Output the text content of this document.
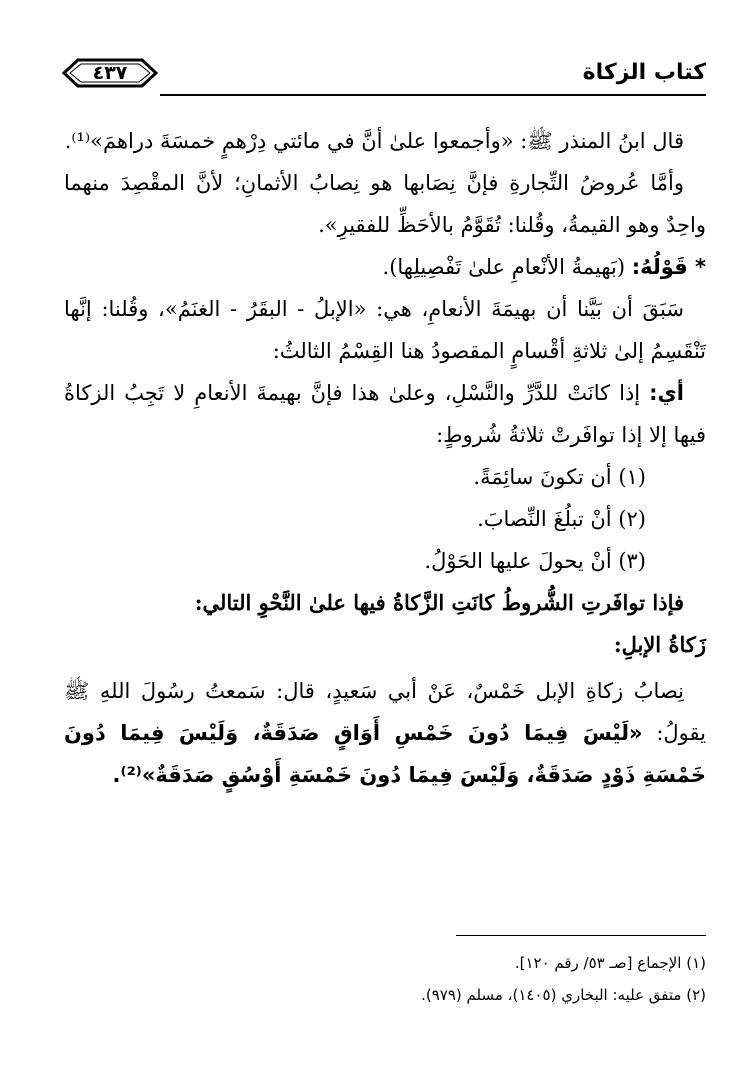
كتاب الزكاة
٤٣٧

قال ابنُ المنذر ﷺ: «وأجمعوا علىٰ أنَّ في مائتي دِرْهمٍ خمسَةَ دراهمَ»⁽¹⁾.

وأمَّا عُروضُ التِّجارةِ فإنَّ نِصَابها هو نِصابُ الأثمانِ؛ لأنَّ المقْصِدَ منهما واحِدٌ وهو القيمةُ، وقُلنا: تُقَوَّمُ بالأحَظِّ للفقيرِ».

* قَوْلُهُ: (بَهيمةُ الأنْعامِ علىٰ تَفْصِيلِها).

سَبَقَ أن بَيَّنا أن بهيمَةَ الأنعامِ، هي: «الإبلُ - البقَرُ - الغنَمُ»، وقُلنا: إنَّها تَنْقَسِمُ إلىٰ ثلاثةِ أقْسامٍ المقصودُ هنا القِسْمُ الثالثُ:

أي: إذا كانَتْ للدَّرِّ والنَّسْلِ، وعلىٰ هذا فإنَّ بهيمةَ الأنعامِ لا تَجِبُ الزكاةُ فيها إلا إذا توافَرتْ ثلاثةُ شُروطٍ:

(١) أن تكونَ سائِمَةً.

(٢) أنْ تبلُغَ النِّصابَ.

(٣) أنْ يحولَ عليها الحَوْلُ.

فإذا توافَرتِ الشُّروطُ كانَتِ الزَّكاةُ فيها علىٰ النَّحْوِ التالي:

زَكاةُ الإبلِ:

نِصابُ زكاةِ الإبل خَمْسٌ، عَنْ أبي سَعيدٍ، قال: سَمعتُ رسُولَ اللهِ ﷺ يقولُ: «لَيْسَ فِيمَا دُونَ خَمْسِ أَوَاقٍ صَدَقَةٌ، وَلَيْسَ فِيمَا دُونَ خَمْسَةِ ذَوْدٍ صَدَقَةٌ، وَلَيْسَ فِيمَا دُونَ خَمْسَةِ أَوْسُقٍ صَدَقَةٌ»⁽²⁾.

(١) الإجماع [صـ ٥٣/ رقم ١٢٠].

(٢) متفق عليه: البخاري (١٤٠٥)، مسلم (٩٧٩).
